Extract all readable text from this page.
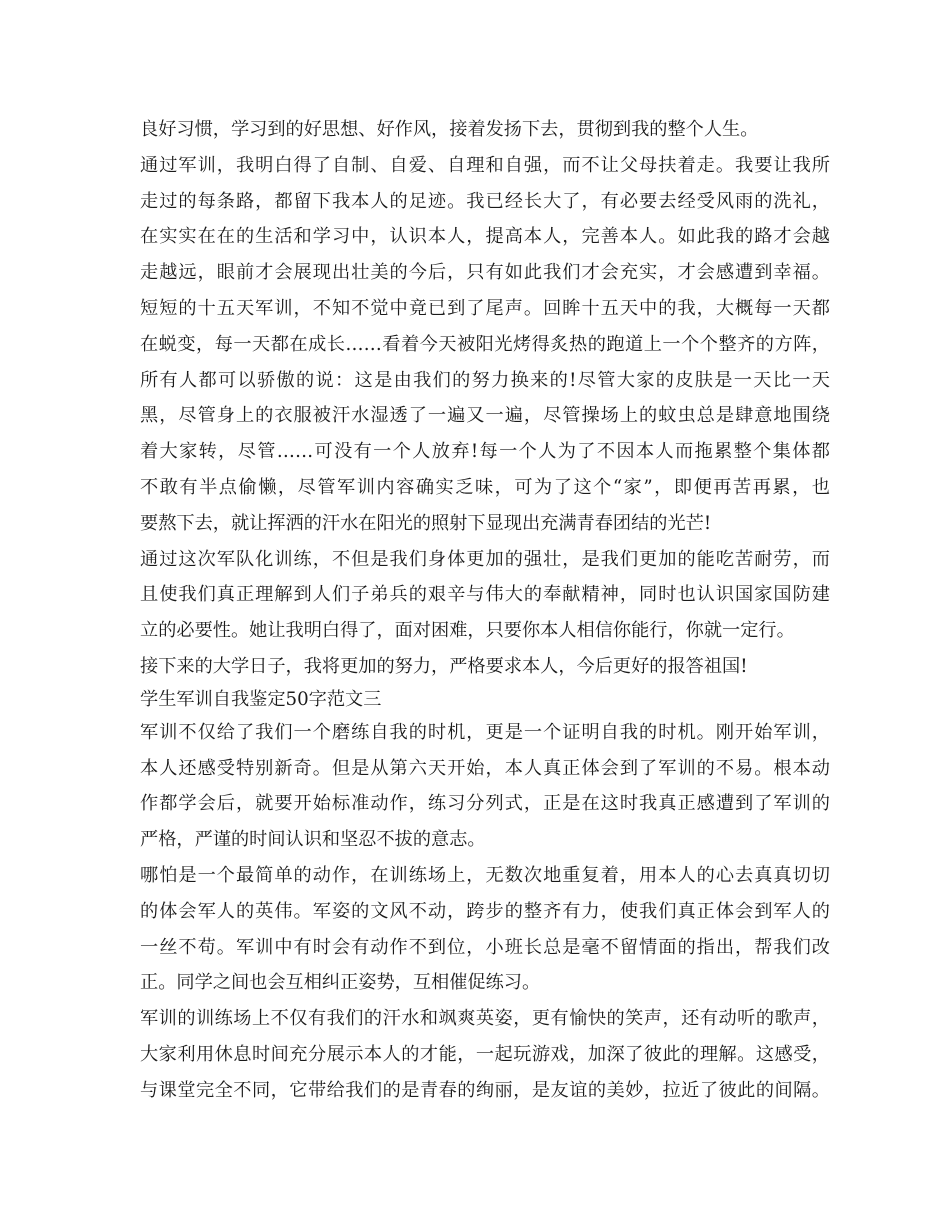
良好习惯，学习到的好思想、好作风，接着发扬下去，贯彻到我的整个人生。
通过军训，我明白得了自制、自爱、自理和自强，而不让父母扶着走。我要让我所
走过的每条路，都留下我本人的足迹。我已经长大了，有必要去经受风雨的洗礼，
在实实在在的生活和学习中，认识本人，提高本人，完善本人。如此我的路才会越
走越远，眼前才会展现出壮美的今后，只有如此我们才会充实，才会感遭到幸福。
短短的十五天军训，不知不觉中竟已到了尾声。回眸十五天中的我，大概每一天都
在蜕变，每一天都在成长……看着今天被阳光烤得炙热的跑道上一个个整齐的方阵，
所有人都可以骄傲的说：这是由我们的努力换来的!尽管大家的皮肤是一天比一天
黑，尽管身上的衣服被汗水湿透了一遍又一遍，尽管操场上的蚊虫总是肆意地围绕
着大家转，尽管……可没有一个人放弃!每一个人为了不因本人而拖累整个集体都
不敢有半点偷懒，尽管军训内容确实乏味，可为了这个“家”，即便再苦再累，也
要熬下去，就让挥洒的汗水在阳光的照射下显现出充满青春团结的光芒!
通过这次军队化训练，不但是我们身体更加的强壮，是我们更加的能吃苦耐劳，而
且使我们真正理解到人们子弟兵的艰辛与伟大的奉献精神，同时也认识国家国防建
立的必要性。她让我明白得了，面对困难，只要你本人相信你能行，你就一定行。
接下来的大学日子，我将更加的努力，严格要求本人，今后更好的报答祖国!
学生军训自我鉴定50字范文三
军训不仅给了我们一个磨练自我的时机，更是一个证明自我的时机。刚开始军训，
本人还感受特别新奇。但是从第六天开始，本人真正体会到了军训的不易。根本动
作都学会后，就要开始标准动作，练习分列式，正是在这时我真正感遭到了军训的
严格，严谨的时间认识和坚忍不拔的意志。
哪怕是一个最简单的动作，在训练场上，无数次地重复着，用本人的心去真真切切
的体会军人的英伟。军姿的文风不动，跨步的整齐有力，使我们真正体会到军人的
一丝不苟。军训中有时会有动作不到位，小班长总是毫不留情面的指出，帮我们改
正。同学之间也会互相纠正姿势，互相催促练习。
军训的训练场上不仅有我们的汗水和飒爽英姿，更有愉快的笑声，还有动听的歌声，
大家利用休息时间充分展示本人的才能，一起玩游戏，加深了彼此的理解。这感受，
与课堂完全不同，它带给我们的是青春的绚丽，是友谊的美妙，拉近了彼此的间隔。
